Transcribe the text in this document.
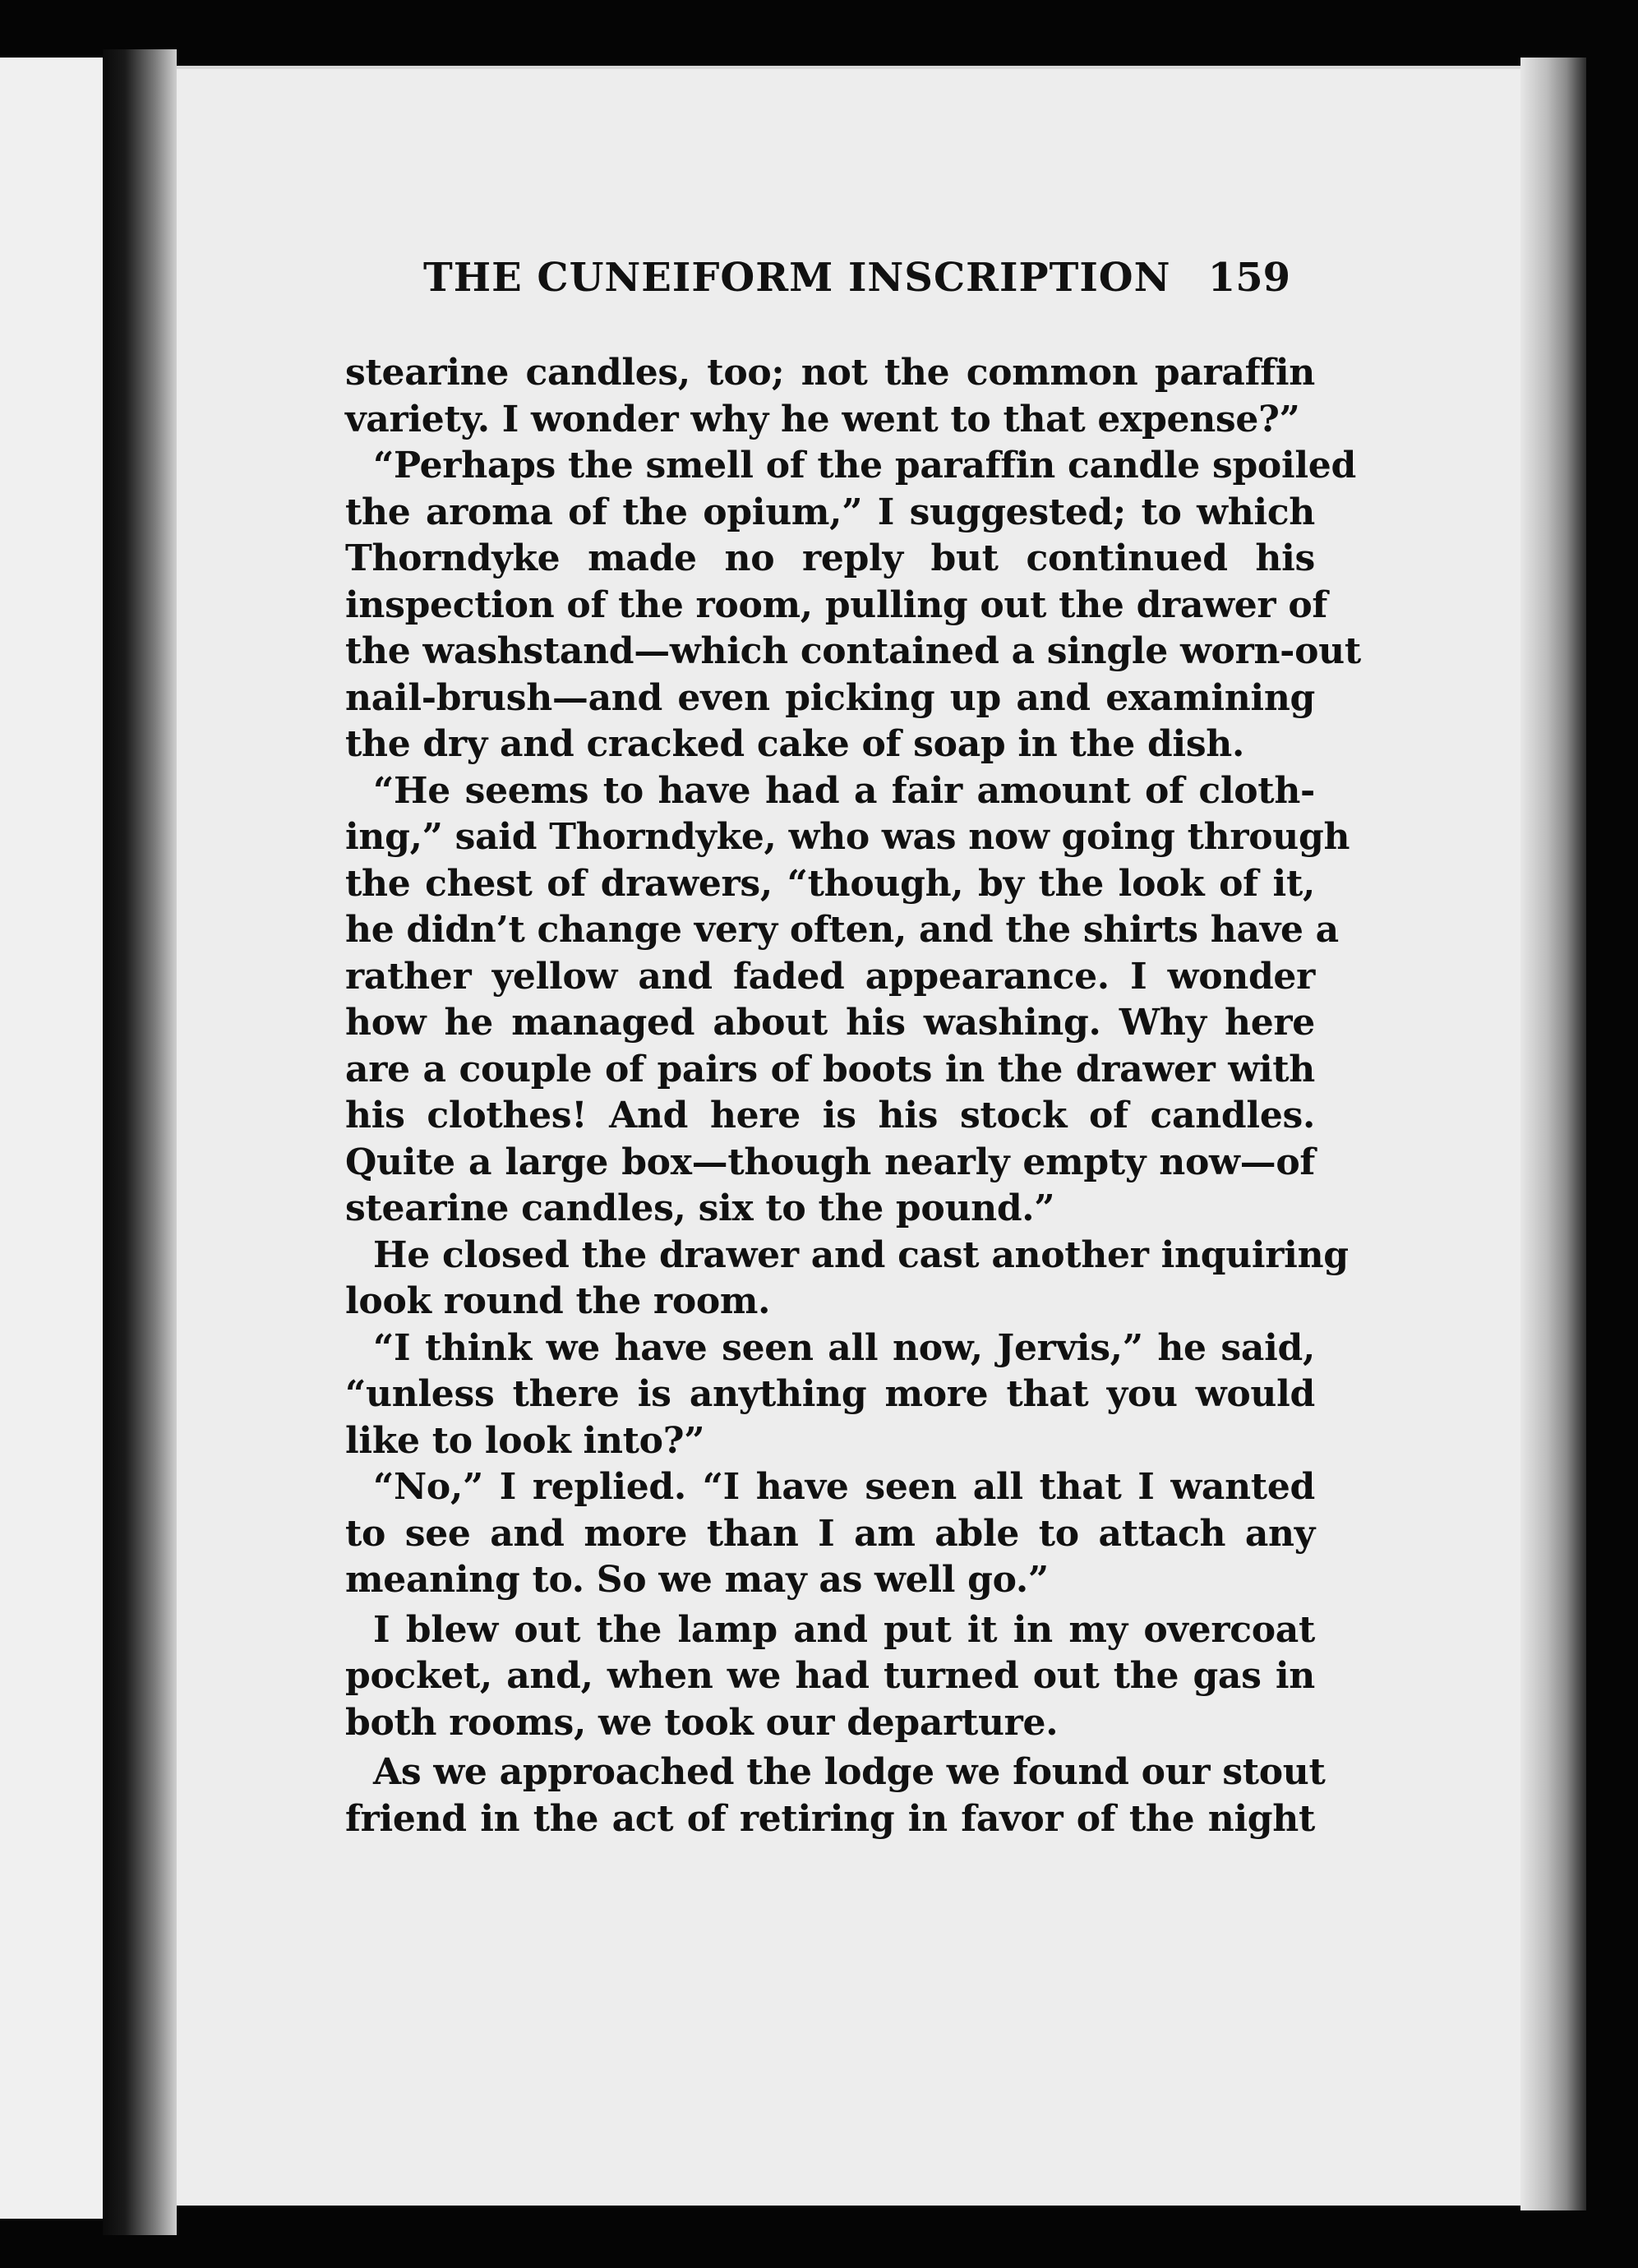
THE CUNEIFORM INSCRIPTION 159
stearine candles, too; not the common paraffin
variety. I wonder why he went to that expense?”
“Perhaps the smell of the paraffin candle spoiled
the aroma of the opium,” I suggested; to which
Thorndyke made no reply but continued his
inspection of the room, pulling out the drawer of
the washstand—which contained a single worn-out
nail-brush—and even picking up and examining
the dry and cracked cake of soap in the dish.
“He seems to have had a fair amount of cloth-
ing,” said Thorndyke, who was now going through
the chest of drawers, “though, by the look of it,
he didn’t change very often, and the shirts have a
rather yellow and faded appearance. I wonder
how he managed about his washing. Why here
are a couple of pairs of boots in the drawer with
his clothes! And here is his stock of candles.
Quite a large box—though nearly empty now—of
stearine candles, six to the pound.”
He closed the drawer and cast another inquiring
look round the room.
“I think we have seen all now, Jervis,” he said,
“unless there is anything more that you would
like to look into?”
“No,” I replied. “I have seen all that I wanted
to see and more than I am able to attach any
meaning to. So we may as well go.”
I blew out the lamp and put it in my overcoat
pocket, and, when we had turned out the gas in
both rooms, we took our departure.
As we approached the lodge we found our stout
friend in the act of retiring in favor of the night
